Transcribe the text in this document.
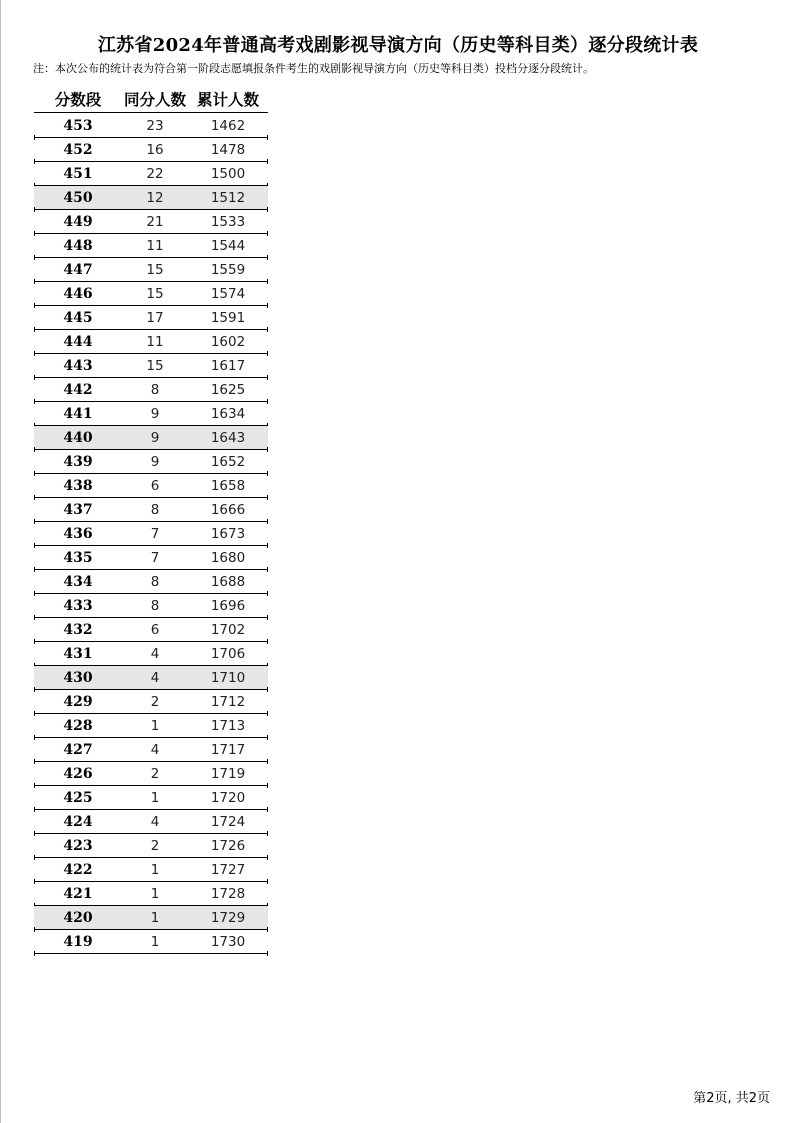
江苏省2024年普通高考戏剧影视导演方向（历史等科目类）逐分段统计表
注：本次公布的统计表为符合第一阶段志愿填报条件考生的戏剧影视导演方向（历史等科目类）投档分逐分段统计。
分数段	同分人数 累计人数
453	23	1462
452	16	1478
451	22	1500
450	12	1512
449	21	1533
448	11	1544
447	15	1559
446	15	1574
445	17	1591
444	11	1602
443	15	1617
442	8	1625
441	9	1634
440	9	1643
439	9	1652
438	6	1658
437	8	1666
436	7	1673
435	7	1680
434	8	1688
433	8	1696
432	6	1702
431	4	1706
430	4	1710
429	2	1712
428	1	1713
427	4	1717
426	2	1719
425	1	1720
424	4	1724
423	2	1726
422	1	1727
421	1	1728
420	1	1729
419	1	1730
第2页, 共2页
